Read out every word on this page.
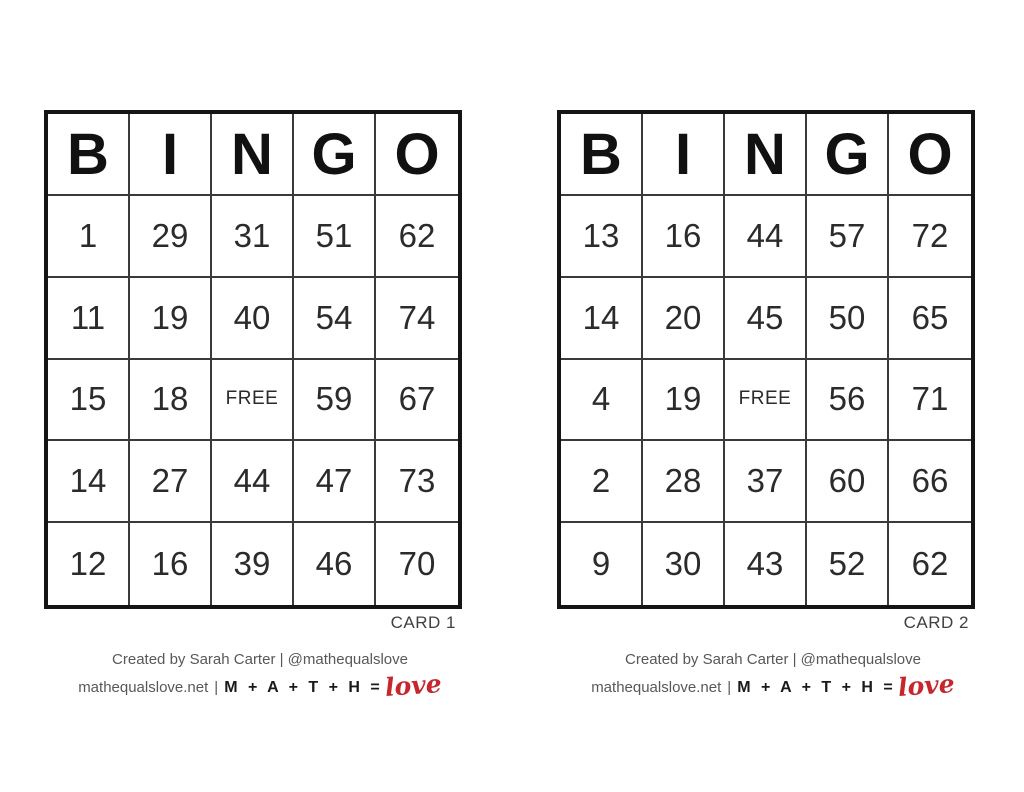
B I N G O
1	29	31	51	62
11	19	40	54	74
15	18	FREE	59	67
14	27	44	47	73
12	16	39	46	70
CARD 1
Created by Sarah Carter | @mathequalslove
mathequalslove.net | M + A + T + H = love
B I N G O
13	16	44	57	72
14	20	45	50	65
4	19	FREE	56	71
2	28	37	60	66
9	30	43	52	62
CARD 2
Created by Sarah Carter | @mathequalslove
mathequalslove.net | M + A + T + H = love
